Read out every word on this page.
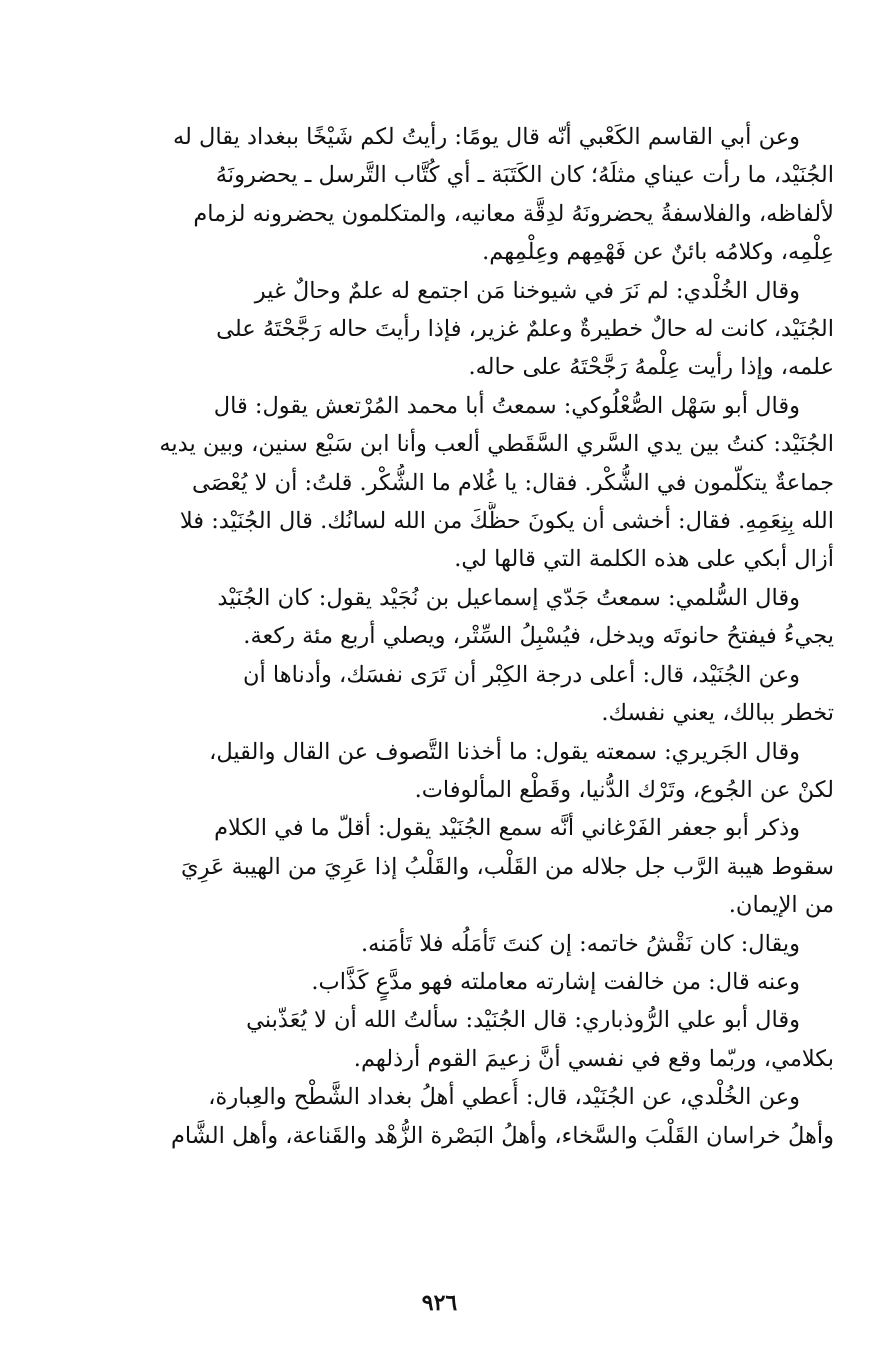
وعن أبي القاسم الكَعْبي أنّه قال يومًا: رأيتُ لكم شَيْخًا ببغداد يقال له
الجُنَيْد، ما رأت عيناي مثلَهُ؛ كان الكَتَبَة ـ أي كُتَّاب التَّرسل ـ يحضرونَهُ
لألفاظه، والفلاسفةُ يحضرونَهُ لدِقَّة معانيه، والمتكلمون يحضرونه لزمام
عِلْمِه، وكلامُه بائنٌ عن فَهْمِهم وعِلْمِهم.
وقال الخُلْدي: لم نَرَ في شيوخنا مَن اجتمع له علمٌ وحالٌ غير
الجُنَيْد، كانت له حالٌ خطيرةٌ وعلمٌ غزير، فإذا رأيتَ حاله رَجَّحْتَهُ على
علمه، وإذا رأيت عِلْمهُ رَجَّحْتَهُ على حاله.
وقال أبو سَهْل الصُّعْلُوكي: سمعتُ أبا محمد المُرْتعش يقول: قال
الجُنَيْد: كنتُ بين يدي السَّري السَّقَطي ألعب وأنا ابن سَبْع سنين، وبين يديه
جماعةٌ يتكلّمون في الشُّكْر. فقال: يا غُلام ما الشُّكْر. قلتُ: أن لا يُعْصَى
الله بِنِعَمِهِ. فقال: أخشى أن يكونَ حظَّكَ من الله لسانُك. قال الجُنَيْد: فلا
أزال أبكي على هذه الكلمة التي قالها لي.
وقال السُّلمي: سمعتُ جَدّي إسماعيل بن نُجَيْد يقول: كان الجُنَيْد
يجيءُ فيفتحُ حانوتَه ويدخل، فيُسْبِلُ السِّتْر، ويصلي أربع مئة ركعة.
وعن الجُنَيْد، قال: أعلى درجة الكِبْر أن تَرَى نفسَك، وأدناها أن
تخطر ببالك، يعني نفسك.
وقال الجَريري: سمعته يقول: ما أخذنا التَّصوف عن القال والقيل،
لكنْ عن الجُوع، وتَرْك الدُّنيا، وقَطْع المألوفات.
وذكر أبو جعفر الفَرْغاني أنَّه سمع الجُنَيْد يقول: أقلّ ما في الكلام
سقوط هيبة الرَّب جل جلاله من القَلْب، والقَلْبُ إذا عَرِيَ من الهيبة عَرِيَ
من الإيمان.
ويقال: كان نَقْشُ خاتمه: إن كنتَ تَأمَلُه فلا تَأمَنه.
وعنه قال: من خالفت إشارته معاملته فهو مدَّعٍ كَذَّاب.
وقال أبو علي الرُّوذباري: قال الجُنَيْد: سألتُ الله أن لا يُعَذّبني
بكلامي، وربّما وقع في نفسي أنَّ زعيمَ القوم أرذلهم.
وعن الخُلْدي، عن الجُنَيْد، قال: أُعطي أهلُ بغداد الشَّطْح والعِبارة،
وأهلُ خراسان القَلْبَ والسَّخاء، وأهلُ البَصْرة الزُّهْد والقَناعة، وأهل الشَّام
٩٢٦
